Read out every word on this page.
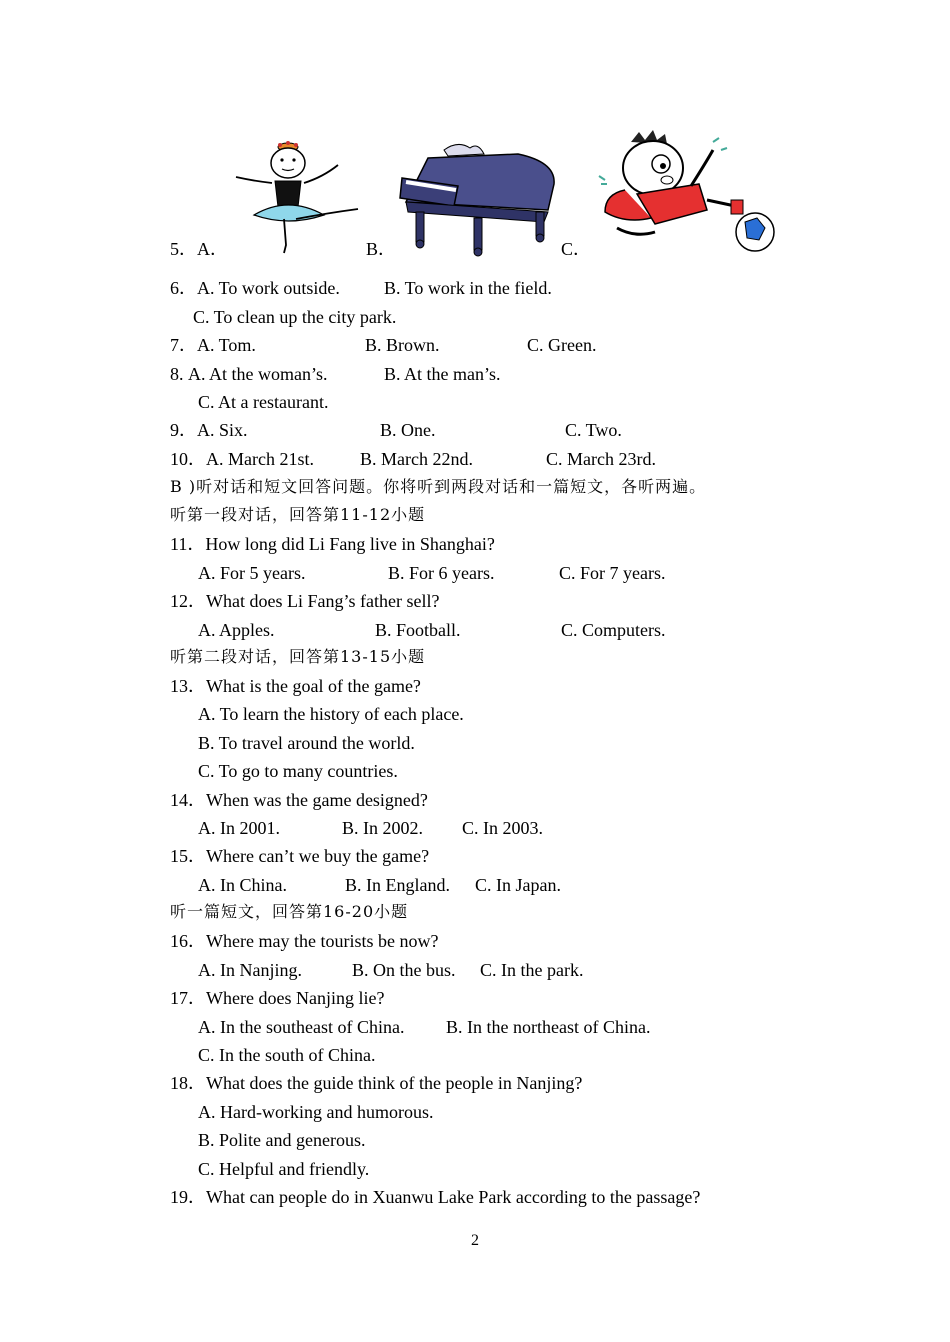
5．A．	B．	C．
6．A. To work outside. B. To work in the field.
C. To clean up the city park.
7．A. Tom.	B. Brown.	C. Green.
8. A. At the woman’s.	B. At the man’s.
C. At a restaurant.
9．A. Six.	B. One.	C. Two.
10．A. March 21st.	B. March 22nd.	C. March 23rd.
B )听对话和短文回答问题。你将听到两段对话和一篇短文，各听两遍。
听第一段对话，回答第11-12小题
11．How long did Li Fang live in Shanghai?
A. For 5 years.	B. For 6 years.	C. For 7 years.
12．What does Li Fang’s father sell?
A. Apples.	B. Football.	C. Computers.
听第二段对话，回答第13-15小题
13．What is the goal of the game?
A. To learn the history of each place.
B. To travel around the world.
C. To go to many countries.
14．When was the game designed?
A. In 2001.	B. In 2002. C. In 2003.
15．Where can’t we buy the game?
A. In China.	B. In England. C. In Japan.
听一篇短文，回答第16-20小题
16．Where may the tourists be now?
A. In Nanjing.	B. On the bus. C. In the park.
17．Where does Nanjing lie?
A. In the southeast of China. B. In the northeast of China.
C. In the south of China.
18．What does the guide think of the people in Nanjing?
A. Hard-working and humorous.
B. Polite and generous.
C. Helpful and friendly.
19．What can people do in Xuanwu Lake Park according to the passage?
2
